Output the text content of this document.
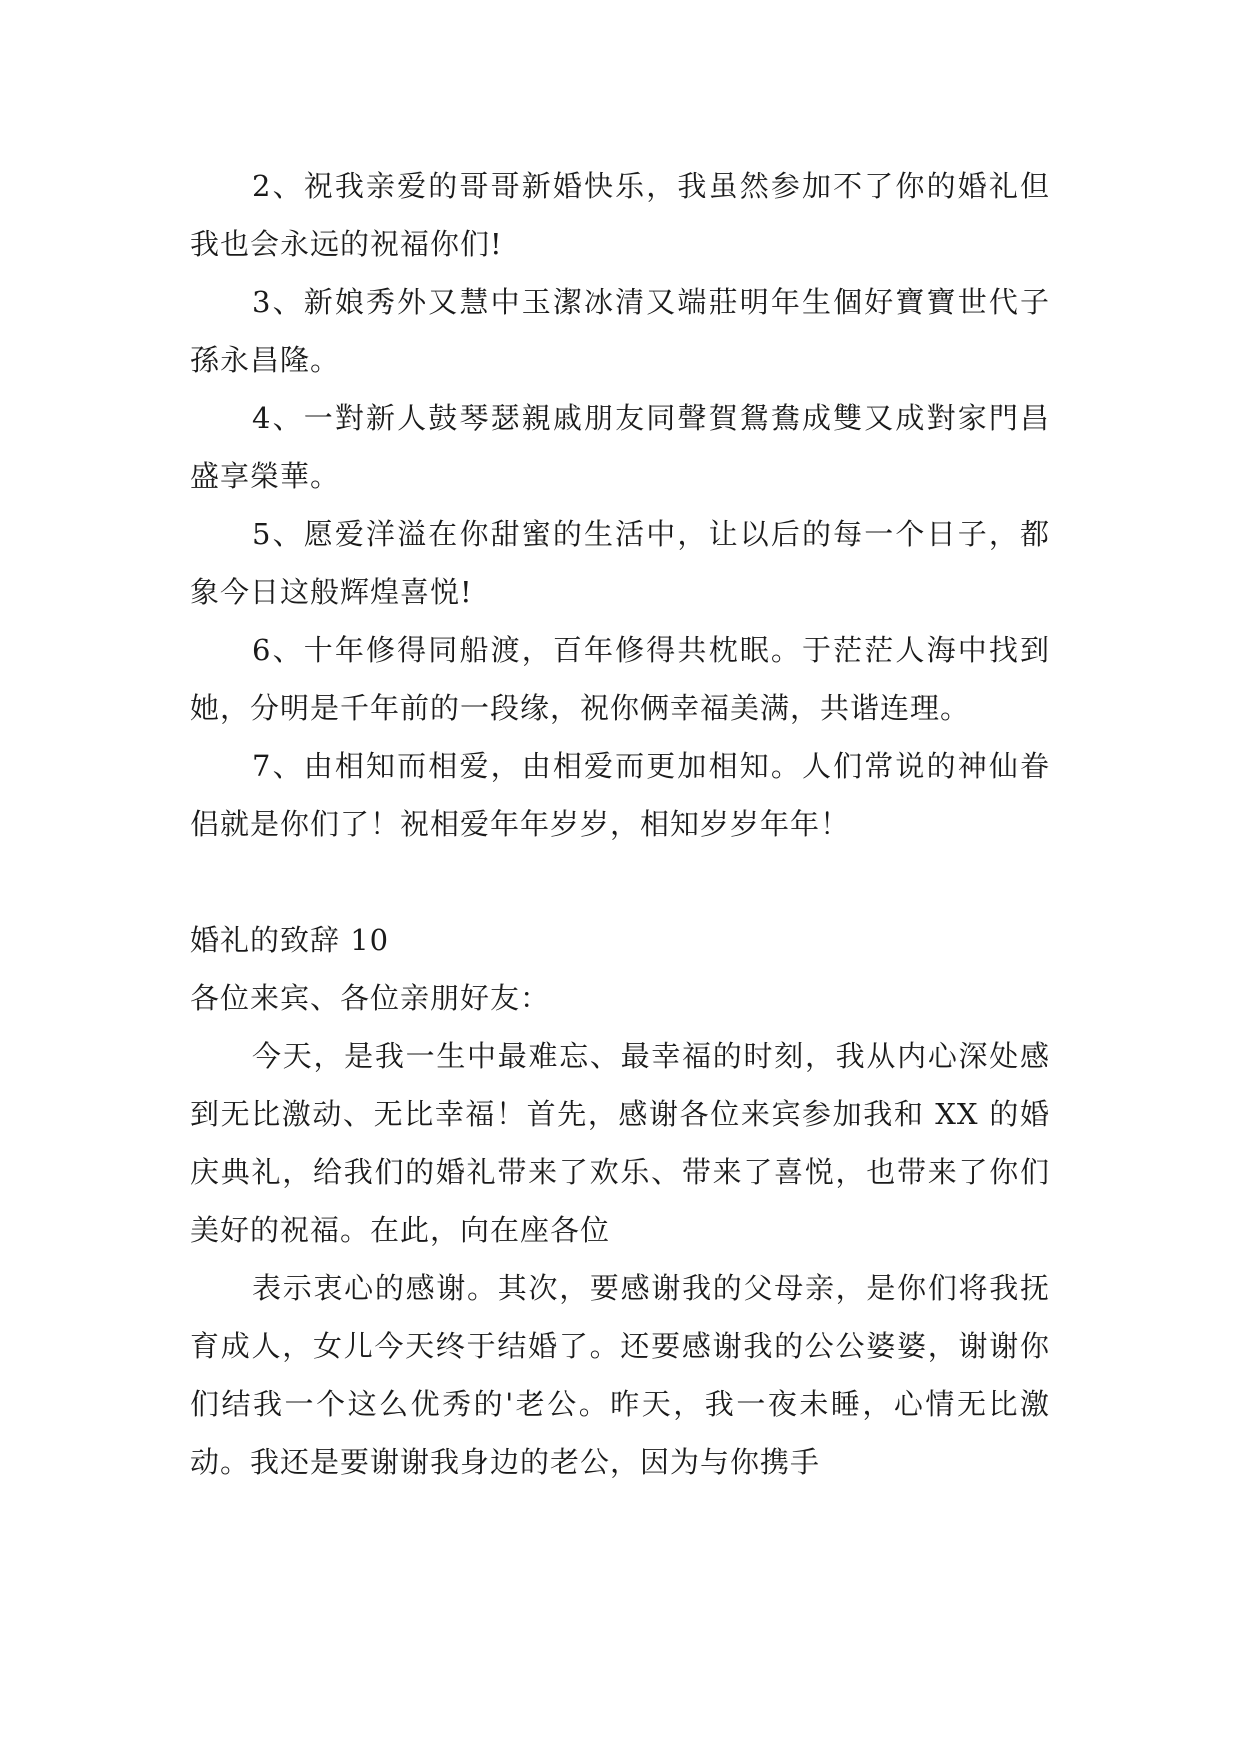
2、祝我亲爱的哥哥新婚快乐，我虽然参加不了你的婚礼但我也会永远的祝福你们!

3、新娘秀外又慧中玉潔冰清又端莊明年生個好寶寶世代子孫永昌隆。

4、一對新人鼓琴瑟親戚朋友同聲賀鴛鴦成雙又成對家門昌盛享榮華。

5、愿爱洋溢在你甜蜜的生活中，让以后的每一个日子，都象今日这般辉煌喜悦!

6、十年修得同船渡，百年修得共枕眠。于茫茫人海中找到她，分明是千年前的一段缘，祝你俩幸福美满，共谐连理。

7、由相知而相爱，由相爱而更加相知。人们常说的神仙眷侣就是你们了！祝相爱年年岁岁，相知岁岁年年！

婚礼的致辞 10

各位来宾、各位亲朋好友：

今天，是我一生中最难忘、最幸福的时刻，我从内心深处感到无比激动、无比幸福！首先，感谢各位来宾参加我和 XX 的婚庆典礼，给我们的婚礼带来了欢乐、带来了喜悦，也带来了你们美好的祝福。在此，向在座各位

表示衷心的感谢。其次，要感谢我的父母亲，是你们将我抚育成人，女儿今天终于结婚了。还要感谢我的公公婆婆，谢谢你们结我一个这么优秀的'老公。昨天，我一夜未睡，心情无比激动。我还是要谢谢我身边的老公，因为与你携手
